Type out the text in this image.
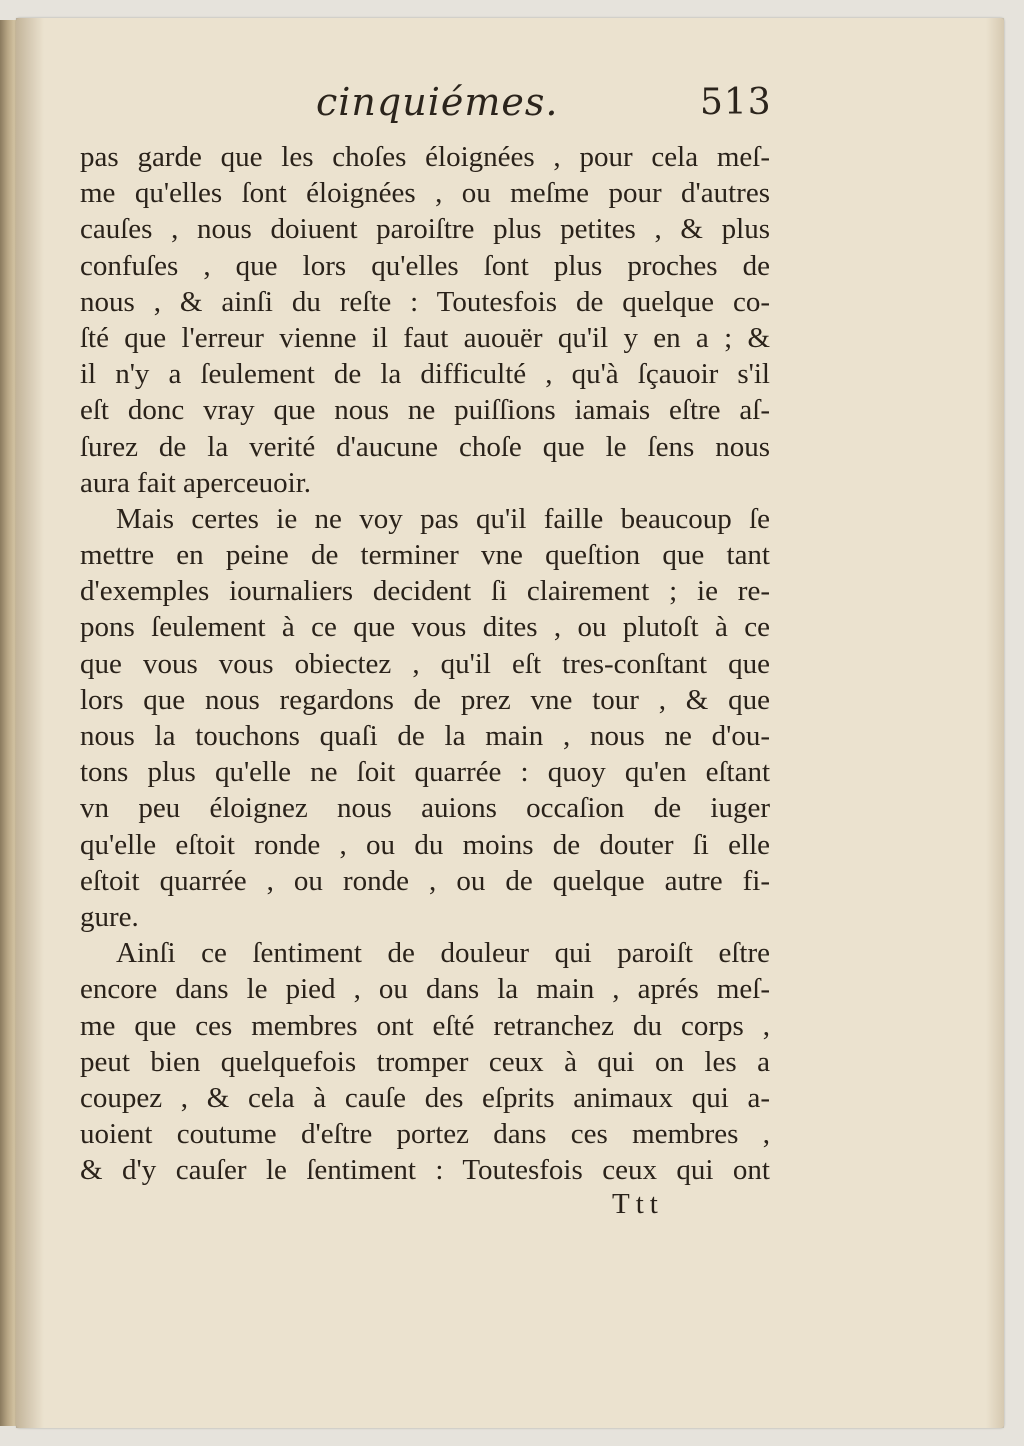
cinquiémes.	513
pas garde que les choſes éloignées , pour cela meſ-
me qu'elles ſont éloignées , ou meſme pour d'autres
cauſes , nous doiuent paroiſtre plus petites , & plus
confuſes , que lors qu'elles ſont plus proches de
nous , & ainſi du reſte : Toutesfois de quelque co-
ſté que l'erreur vienne il faut auouër qu'il y en a ; &
il n'y a ſeulement de la difficulté , qu'à ſçauoir s'il
eſt donc vray que nous ne puiſſions iamais eſtre aſ-
ſurez de la verité d'aucune choſe que le ſens nous
aura fait aperceuoir.
Mais certes ie ne voy pas qu'il faille beaucoup ſe
mettre en peine de terminer vne queſtion que tant
d'exemples iournaliers decident ſi clairement ; ie re-
pons ſeulement à ce que vous dites , ou plutoſt à ce
que vous vous obiectez , qu'il eſt tres-conſtant que
lors que nous regardons de prez vne tour , & que
nous la touchons quaſi de la main , nous ne d'ou-
tons plus qu'elle ne ſoit quarrée : quoy qu'en eſtant
vn peu éloignez nous auions occaſion de iuger
qu'elle eſtoit ronde , ou du moins de douter ſi elle
eſtoit quarrée , ou ronde , ou de quelque autre fi-
gure.
Ainſi ce ſentiment de douleur qui paroiſt eſtre
encore dans le pied , ou dans la main , aprés meſ-
me que ces membres ont eſté retranchez du corps ,
peut bien quelquefois tromper ceux à qui on les a
coupez , & cela à cauſe des eſprits animaux qui a-
uoient coutume d'eſtre portez dans ces membres ,
& d'y cauſer le ſentiment : Toutesfois ceux qui ont
Ttt
